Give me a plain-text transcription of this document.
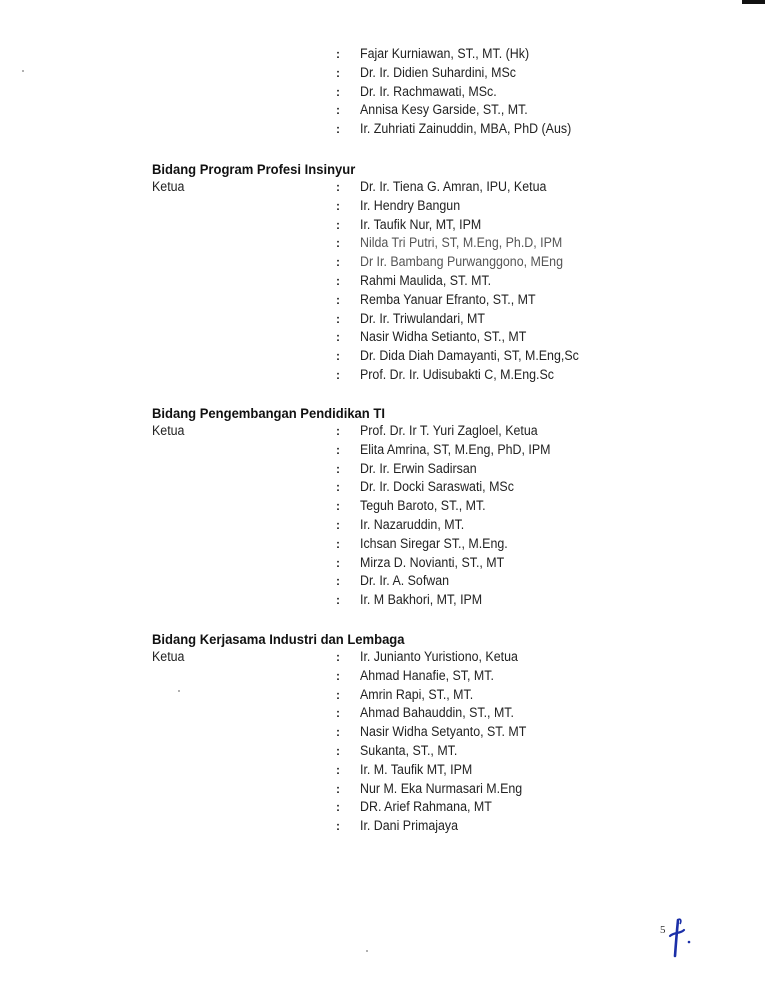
: Fajar Kurniawan, ST., MT. (Hk)
: Dr. Ir. Didien Suhardini, MSc
: Dr. Ir. Rachmawati, MSc.
: Annisa Kesy Garside, ST., MT.
: Ir. Zuhriati Zainuddin, MBA, PhD (Aus)
Bidang Program Profesi Insinyur
Ketua	: Dr. Ir. Tiena G. Amran, IPU, Ketua
: Ir. Hendry Bangun
: Ir. Taufik Nur, MT, IPM
: Nilda Tri Putri, ST, M.Eng, Ph.D, IPM
: Dr Ir. Bambang Purwanggono, MEng
: Rahmi Maulida, ST. MT.
: Remba Yanuar Efranto, ST., MT
: Dr. Ir. Triwulandari, MT
: Nasir Widha Setianto, ST., MT
: Dr. Dida Diah Damayanti, ST, M.Eng,Sc
: Prof. Dr. Ir. Udisubakti C, M.Eng.Sc
Bidang Pengembangan Pendidikan TI
Ketua	: Prof. Dr. Ir T. Yuri Zagloel, Ketua
: Elita Amrina, ST, M.Eng, PhD, IPM
: Dr. Ir. Erwin Sadirsan
: Dr. Ir. Docki Saraswati, MSc
: Teguh Baroto, ST., MT.
: Ir. Nazaruddin, MT.
: Ichsan Siregar ST., M.Eng.
: Mirza D. Novianti, ST., MT
: Dr. Ir. A. Sofwan
: Ir. M Bakhori, MT, IPM
Bidang Kerjasama Industri dan Lembaga
Ketua	: Ir. Junianto Yuristiono, Ketua
: Ahmad Hanafie, ST, MT.
: Amrin Rapi, ST., MT.
: Ahmad Bahauddin, ST., MT.
: Nasir Widha Setyanto, ST. MT
: Sukanta, ST., MT.
: Ir. M. Taufik MT, IPM
: Nur M. Eka Nurmasari M.Eng
: DR. Arief Rahmana, MT
: Ir. Dani Primajaya
5
